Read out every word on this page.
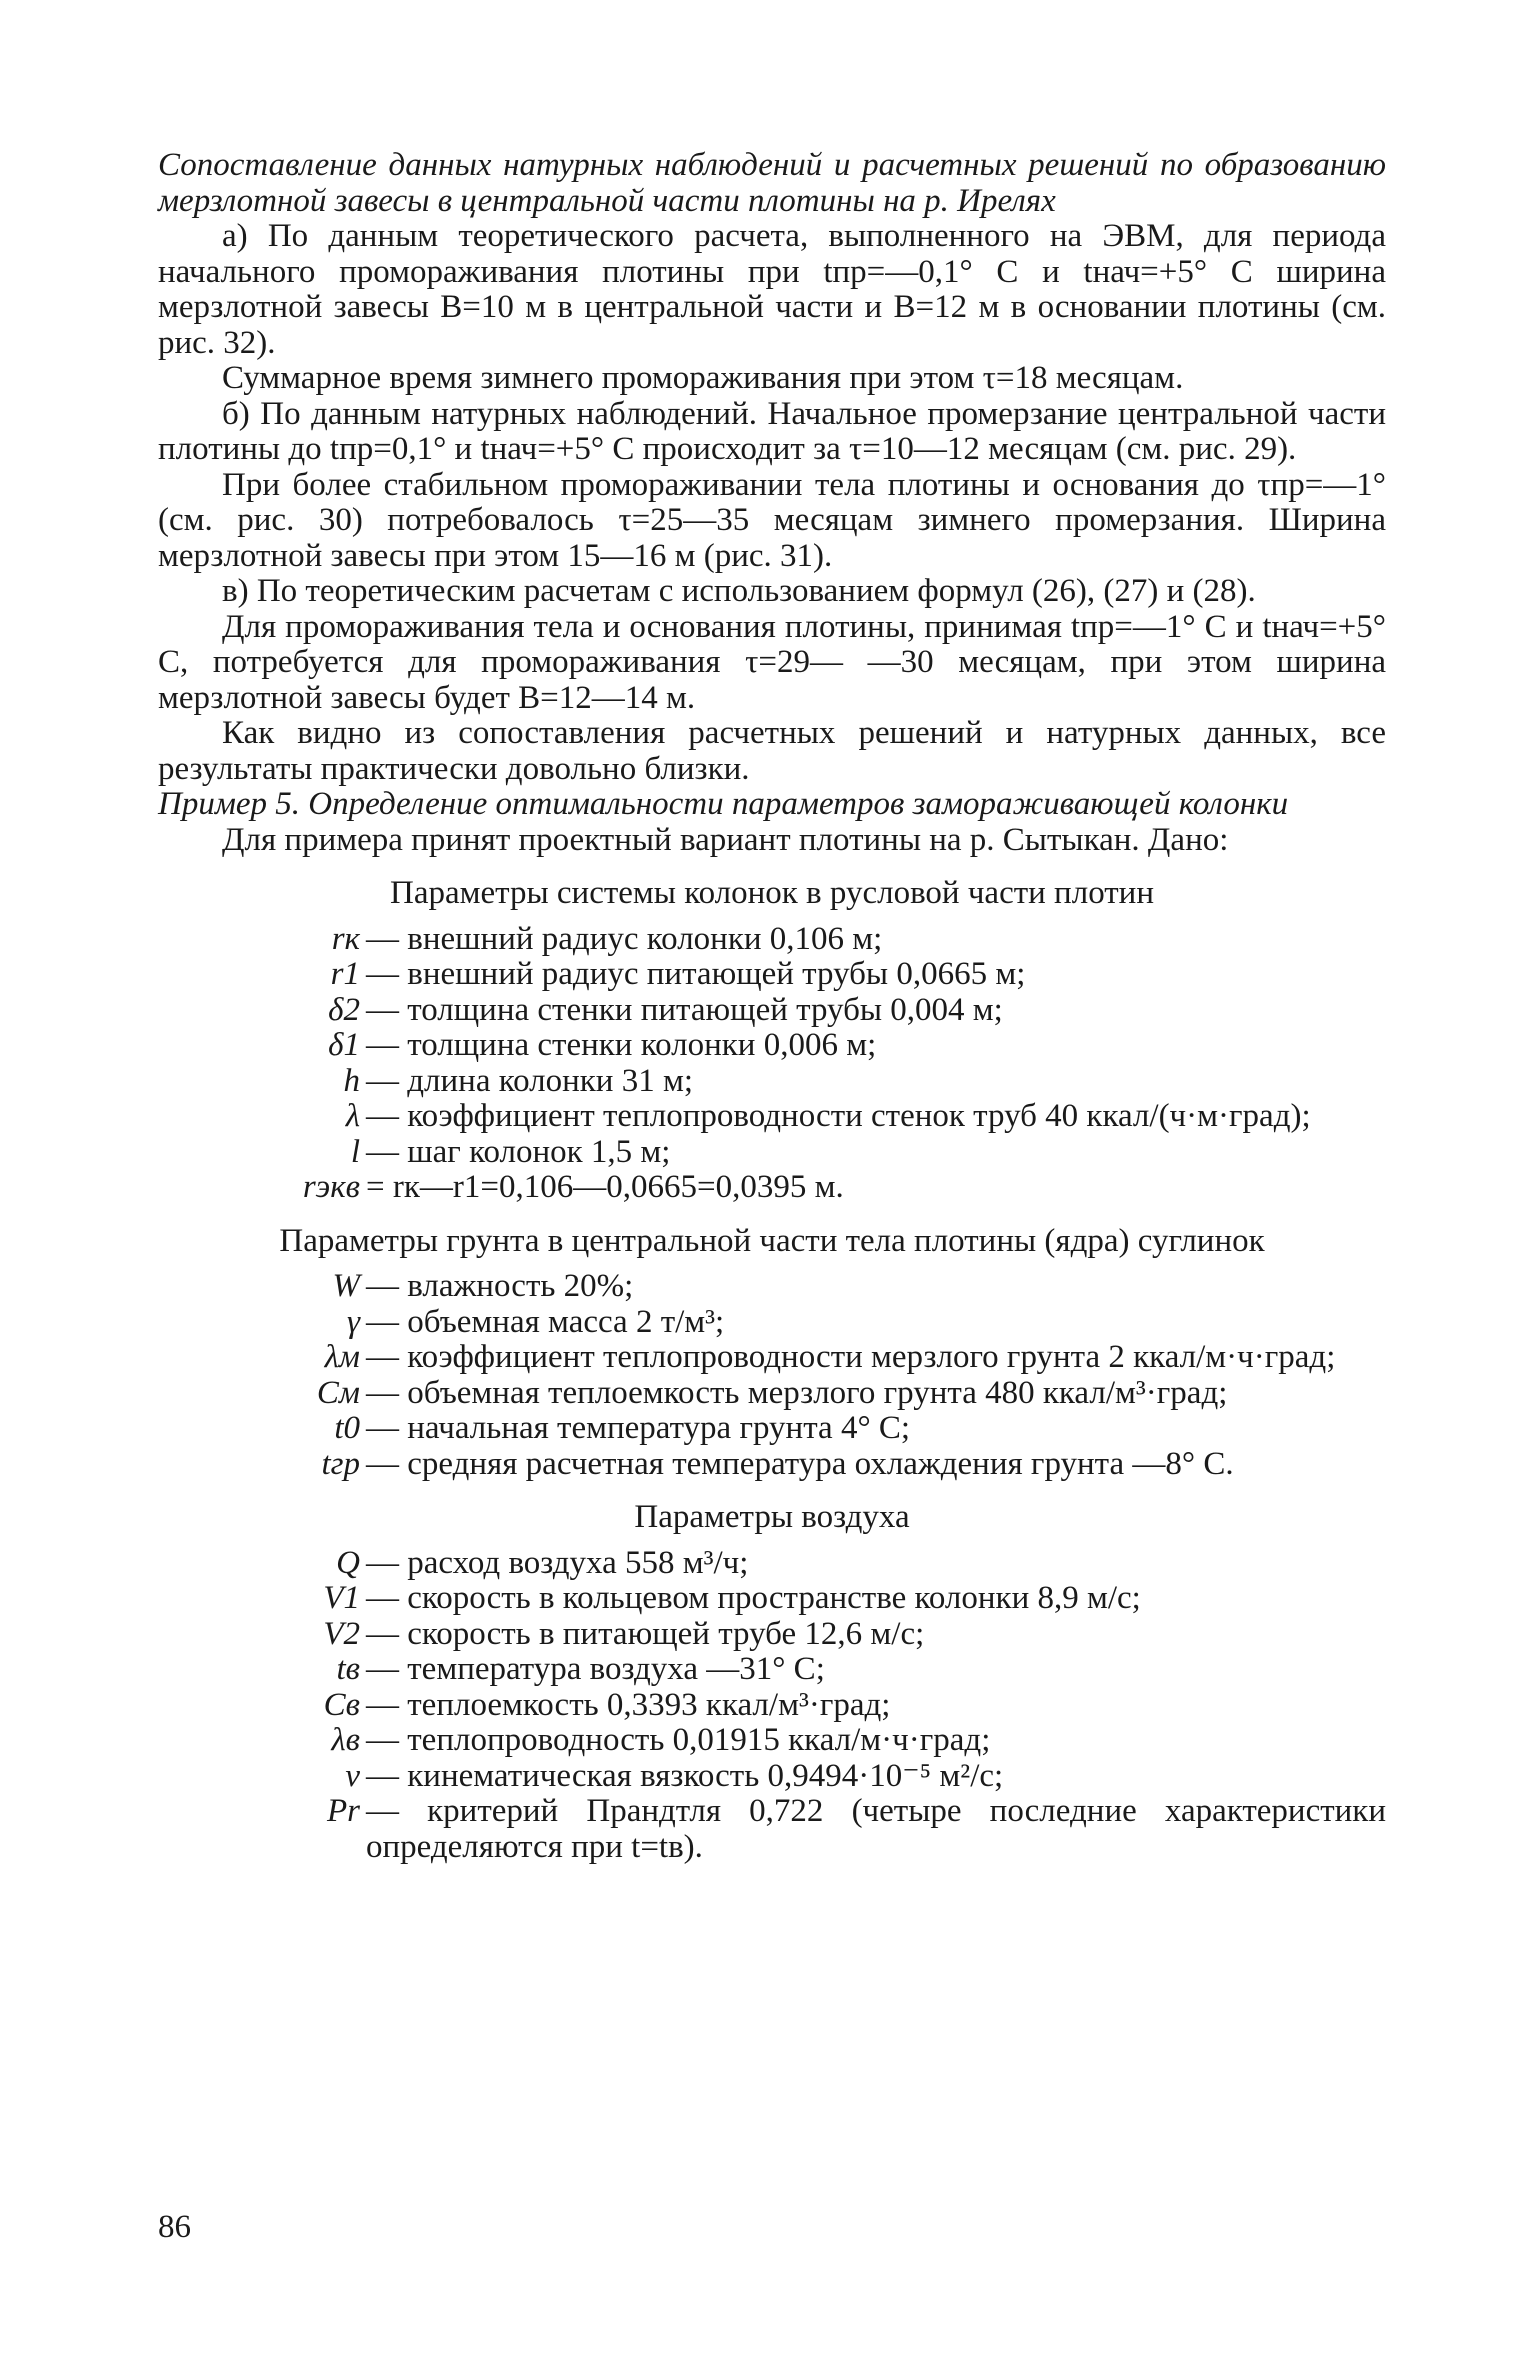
Сопоставление данных натурных наблюдений и расчетных решений по образованию мерзлотной завесы в центральной части плотины на р. Ирелях

а) По данным теоретического расчета, выполненного на ЭВМ, для периода начального промораживания плотины при tпр=—0,1° С и tнач=+5° С ширина мерзлотной завесы B=10 м в центральной части и B=12 м в основании плотины (см. рис. 32).

Суммарное время зимнего промораживания при этом τ=18 месяцам.

б) По данным натурных наблюдений. Начальное промерзание центральной части плотины до tпр=0,1° и tнач=+5° С происходит за τ=10—12 месяцам (см. рис. 29).

При более стабильном промораживании тела плотины и основания до τпр=—1° (см. рис. 30) потребовалось τ=25—35 месяцам зимнего промерзания. Ширина мерзлотной завесы при этом 15—16 м (рис. 31).

в) По теоретическим расчетам с использованием формул (26), (27) и (28).

Для промораживания тела и основания плотины, принимая tпр=—1° С и tнач=+5° С, потребуется для промораживания τ=29— —30 месяцам, при этом ширина мерзлотной завесы будет B=12—14 м.

Как видно из сопоставления расчетных решений и натурных данных, все результаты практически довольно близки.

Пример 5. Определение оптимальности параметров замораживающей колонки

Для примера принят проектный вариант плотины на р. Сытыкан. Дано:

Параметры системы колонок в русловой части плотин

rк — внешний радиус колонки 0,106 м;
r1 — внешний радиус питающей трубы 0,0665 м;
δ2 — толщина стенки питающей трубы 0,004 м;
δ1 — толщина стенки колонки 0,006 м;
h — длина колонки 31 м;
λ — коэффициент теплопроводности стенок труб 40 ккал/(ч·м·град);
l — шаг колонок 1,5 м;
rэкв = rк—r1=0,106—0,0665=0,0395 м.

Параметры грунта в центральной части тела плотины (ядра) суглинок

W — влажность 20%;
γ — объемная масса 2 т/м³;
λм — коэффициент теплопроводности мерзлого грунта 2 ккал/м·ч·град;
Cм — объемная теплоемкость мерзлого грунта 480 ккал/м³·град;
t0 — начальная температура грунта 4° С;
tгр — средняя расчетная температура охлаждения грунта —8° С.

Параметры воздуха

Q — расход воздуха 558 м³/ч;
V1 — скорость в кольцевом пространстве колонки 8,9 м/с;
V2 — скорость в питающей трубе 12,6 м/с;
tв — температура воздуха —31° С;
Cв — теплоемкость 0,3393 ккал/м³·град;
λв — теплопроводность 0,01915 ккал/м·ч·град;
ν — кинематическая вязкость 0,9494·10⁻⁵ м²/с;
Pr — критерий Прандтля 0,722 (четыре последние характеристики определяются при t=tв).
86
